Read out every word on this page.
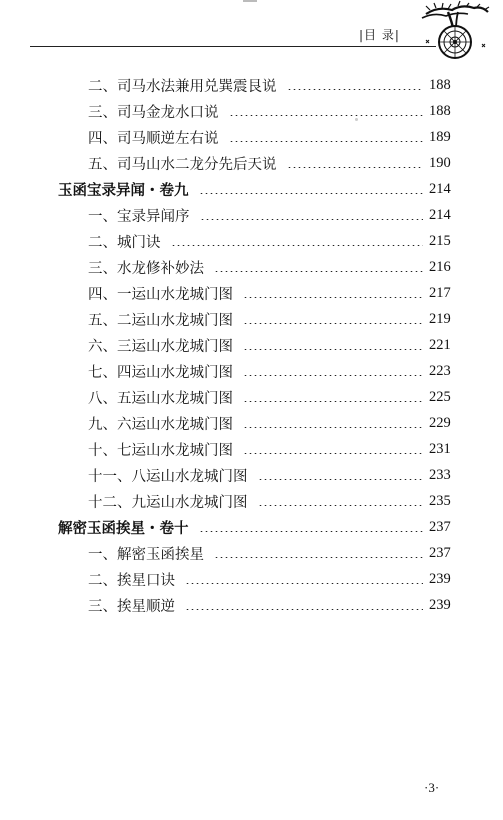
|目 录|
二、司马水法兼用兑巽震艮说	188
三、司马金龙水口说	188
四、司马顺逆左右说	189
五、司马山水二龙分先后天说	190
玉函宝录异闻・卷九	214
一、宝录异闻序	214
二、城门诀	215
三、水龙修补妙法	216
四、一运山水龙城门图	217
五、二运山水龙城门图	219
六、三运山水龙城门图	221
七、四运山水龙城门图	223
八、五运山水龙城门图	225
九、六运山水龙城门图	229
十、七运山水龙城门图	231
十一、八运山水龙城门图	233
十二、九运山水龙城门图	235
解密玉函挨星・卷十	237
一、解密玉函挨星	237
二、挨星口诀	239
三、挨星顺逆	239
·3·
